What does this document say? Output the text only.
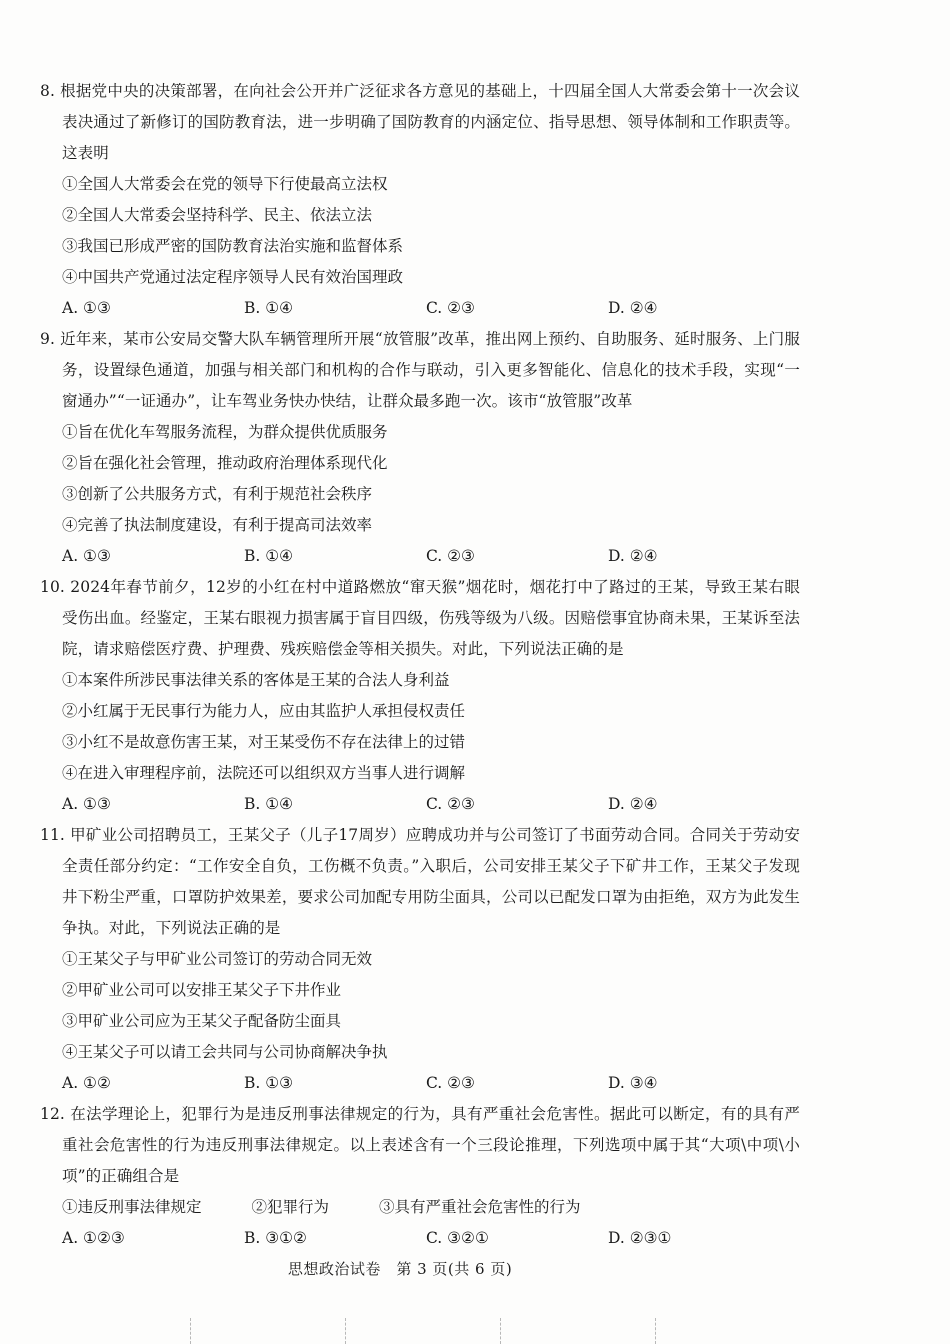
8. 根据党中央的决策部署，在向社会公开并广泛征求各方意见的基础上，十四届全国人大常委会第十一次会议表决通过了新修订的国防教育法，进一步明确了国防教育的内涵定位、指导思想、领导体制和工作职责等。这表明
①全国人大常委会在党的领导下行使最高立法权
②全国人大常委会坚持科学、民主、依法立法
③我国已形成严密的国防教育法治实施和监督体系
④中国共产党通过法定程序领导人民有效治国理政
A. ①③	B. ①④	C. ②③	D. ②④
9. 近年来，某市公安局交警大队车辆管理所开展“放管服”改革，推出网上预约、自助服务、延时服务、上门服务，设置绿色通道，加强与相关部门和机构的合作与联动，引入更多智能化、信息化的技术手段，实现“一窗通办”“一证通办”，让车驾业务快办快结，让群众最多跑一次。该市“放管服”改革
①旨在优化车驾服务流程，为群众提供优质服务
②旨在强化社会管理，推动政府治理体系现代化
③创新了公共服务方式，有利于规范社会秩序
④完善了执法制度建设，有利于提高司法效率
A. ①③	B. ①④	C. ②③	D. ②④
10. 2024年春节前夕，12岁的小红在村中道路燃放“窜天猴”烟花时，烟花打中了路过的王某，导致王某右眼受伤出血。经鉴定，王某右眼视力损害属于盲目四级，伤残等级为八级。因赔偿事宜协商未果，王某诉至法院，请求赔偿医疗费、护理费、残疾赔偿金等相关损失。对此，下列说法正确的是
①本案件所涉民事法律关系的客体是王某的合法人身利益
②小红属于无民事行为能力人，应由其监护人承担侵权责任
③小红不是故意伤害王某，对王某受伤不存在法律上的过错
④在进入审理程序前，法院还可以组织双方当事人进行调解
A. ①③	B. ①④	C. ②③	D. ②④
11. 甲矿业公司招聘员工，王某父子（儿子17周岁）应聘成功并与公司签订了书面劳动合同。合同关于劳动安全责任部分约定：“工作安全自负，工伤概不负责。”入职后，公司安排王某父子下矿井工作，王某父子发现井下粉尘严重，口罩防护效果差，要求公司加配专用防尘面具，公司以已配发口罩为由拒绝，双方为此发生争执。对此，下列说法正确的是
①王某父子与甲矿业公司签订的劳动合同无效
②甲矿业公司可以安排王某父子下井作业
③甲矿业公司应为王某父子配备防尘面具
④王某父子可以请工会共同与公司协商解决争执
A. ①②	B. ①③	C. ②③	D. ③④
12. 在法学理论上，犯罪行为是违反刑事法律规定的行为，具有严重社会危害性。据此可以断定，有的具有严重社会危害性的行为违反刑事法律规定。以上表述含有一个三段论推理，下列选项中属于其“大项\中项\小项”的正确组合是
①违反刑事法律规定	②犯罪行为	③具有严重社会危害性的行为
A. ①②③	B. ③①②	C. ③②①	D. ②③①
思想政治试卷　第 3 页(共 6 页)
